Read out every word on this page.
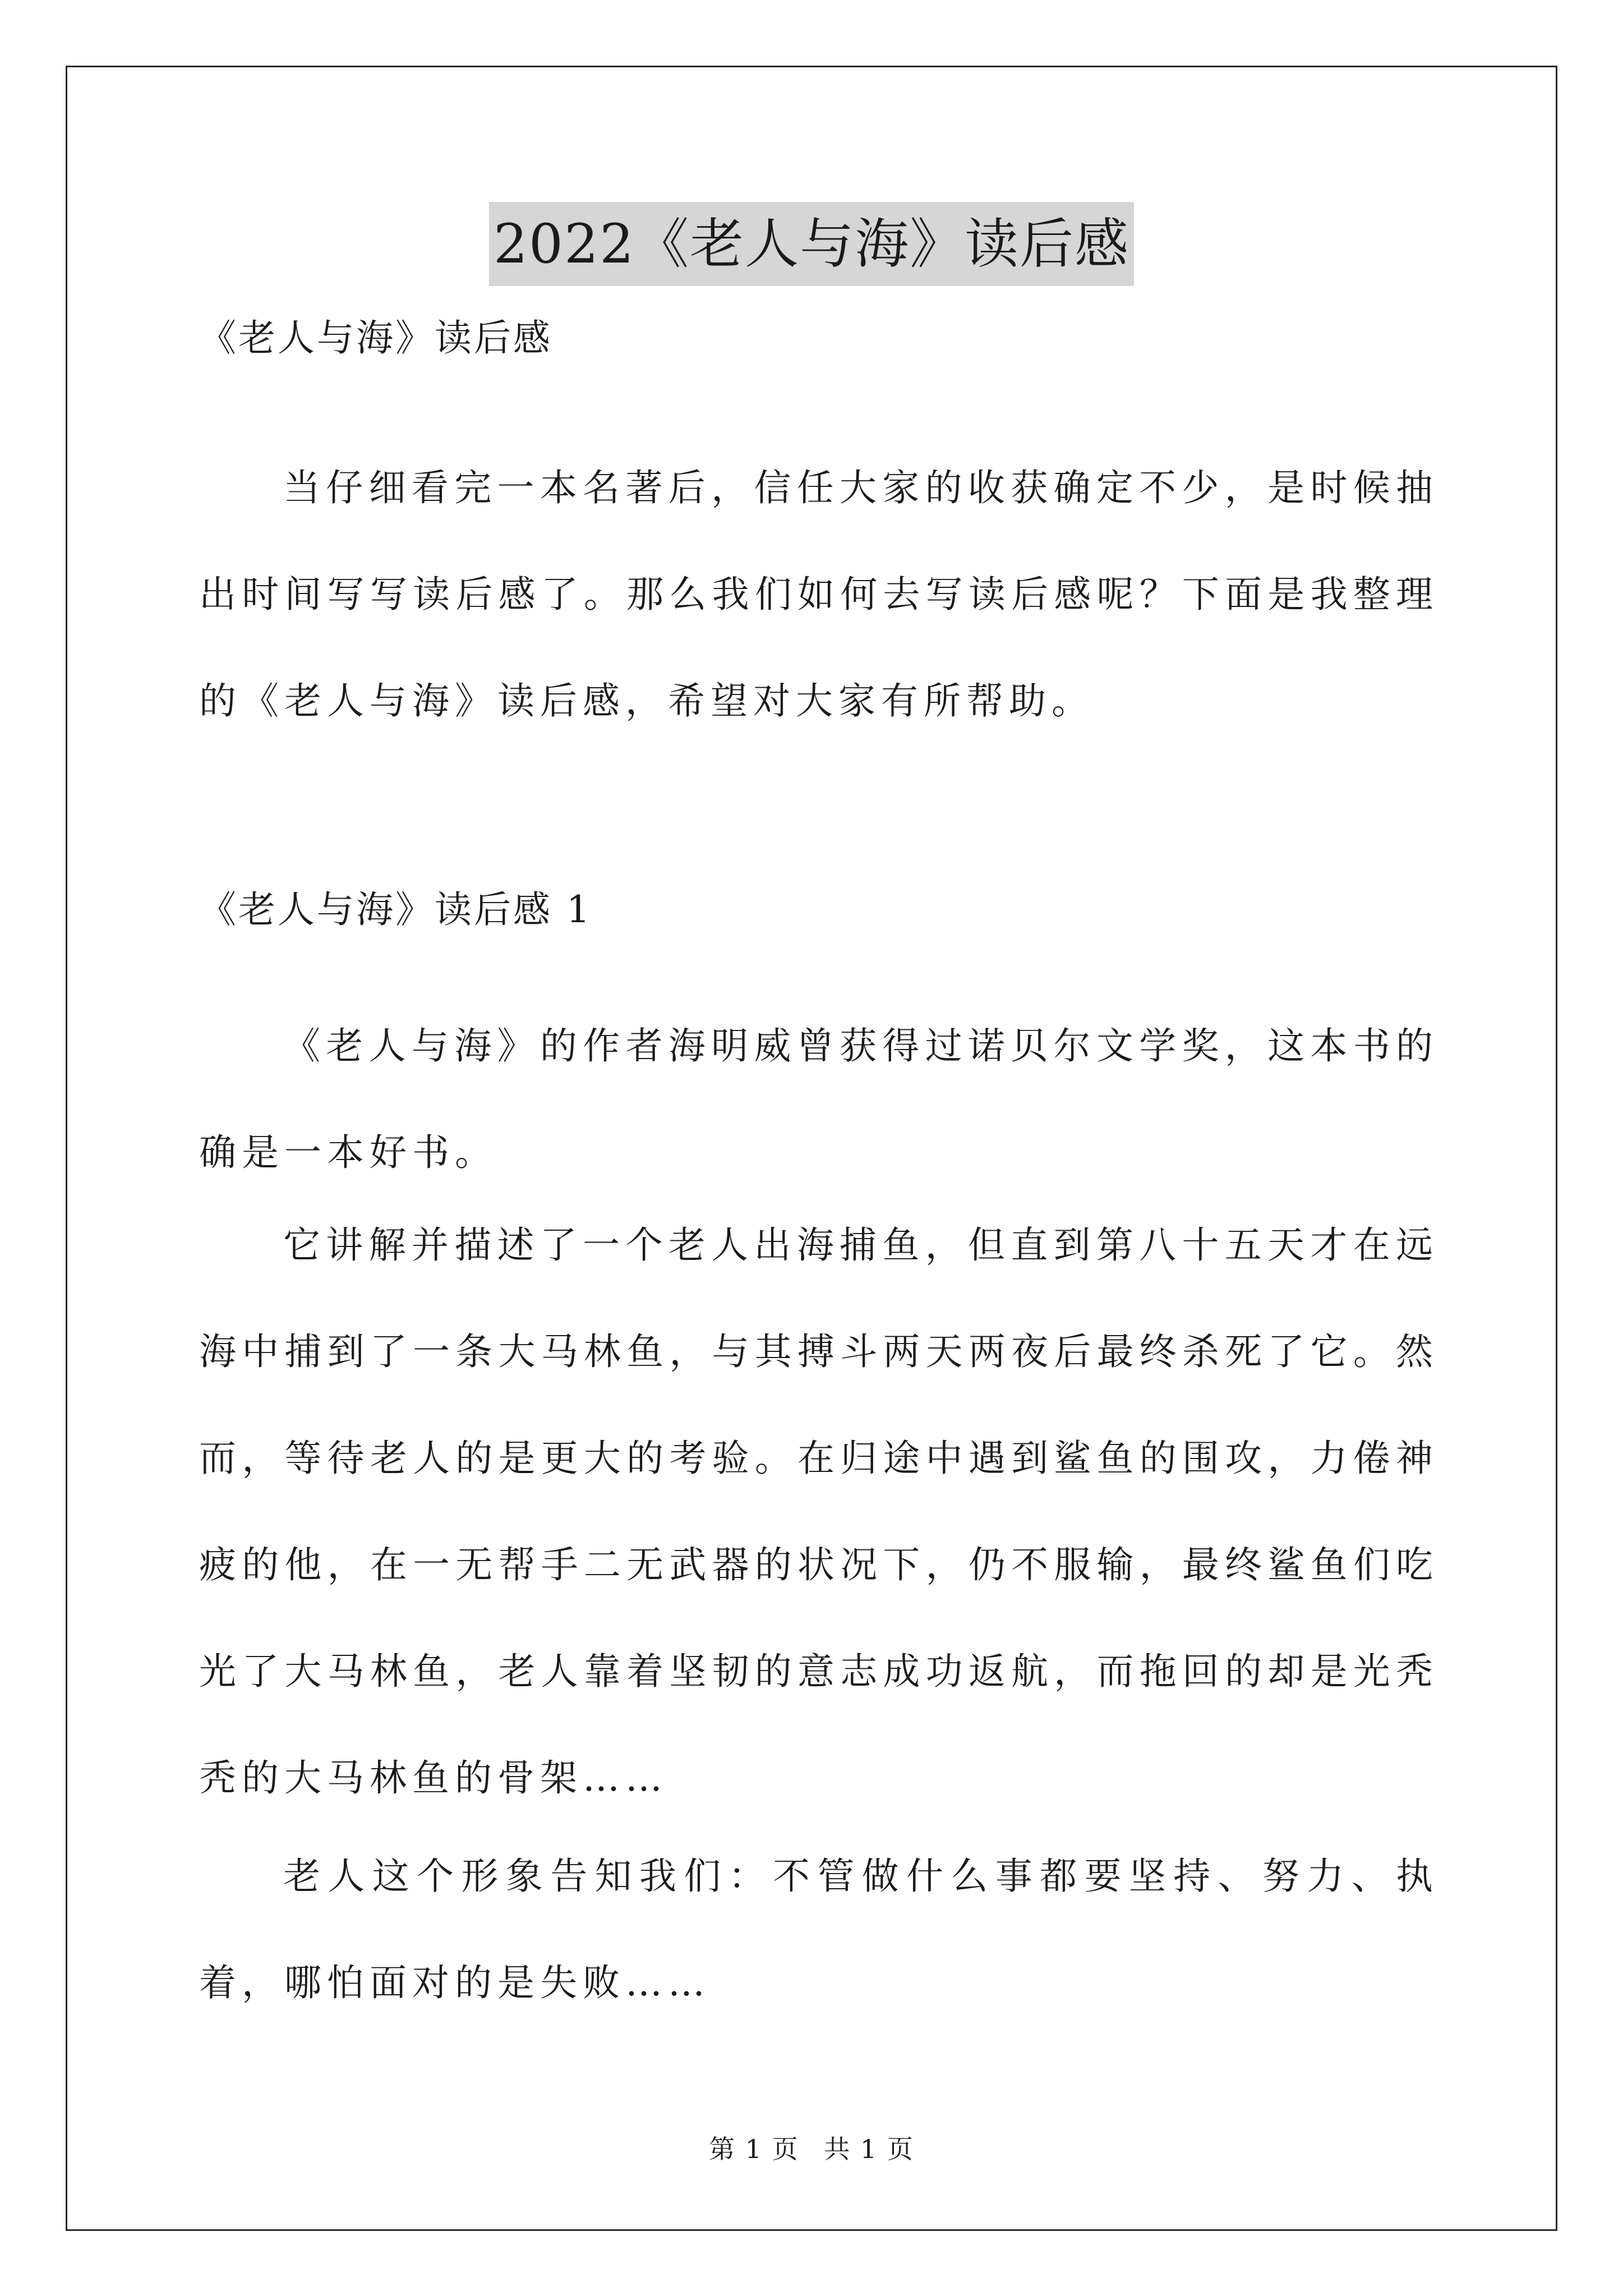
2022《老人与海》读后感
《老人与海》读后感

当仔细看完一本名著后，信任大家的收获确定不少，是时候抽出时间写写读后感了。那么我们如何去写读后感呢？下面是我整理的《老人与海》读后感，希望对大家有所帮助。

《老人与海》读后感 1

《老人与海》的作者海明威曾获得过诺贝尔文学奖，这本书的确是一本好书。

它讲解并描述了一个老人出海捕鱼，但直到第八十五天才在远海中捕到了一条大马林鱼，与其搏斗两天两夜后最终杀死了它。然而，等待老人的是更大的考验。在归途中遇到鲨鱼的围攻，力倦神疲的他，在一无帮手二无武器的状况下，仍不服输，最终鲨鱼们吃光了大马林鱼，老人靠着坚韧的意志成功返航，而拖回的却是光秃秃的大马林鱼的骨架……

老人这个形象告知我们：不管做什么事都要坚持、努力、执着，哪怕面对的是失败……

第 1 页 共 1 页
